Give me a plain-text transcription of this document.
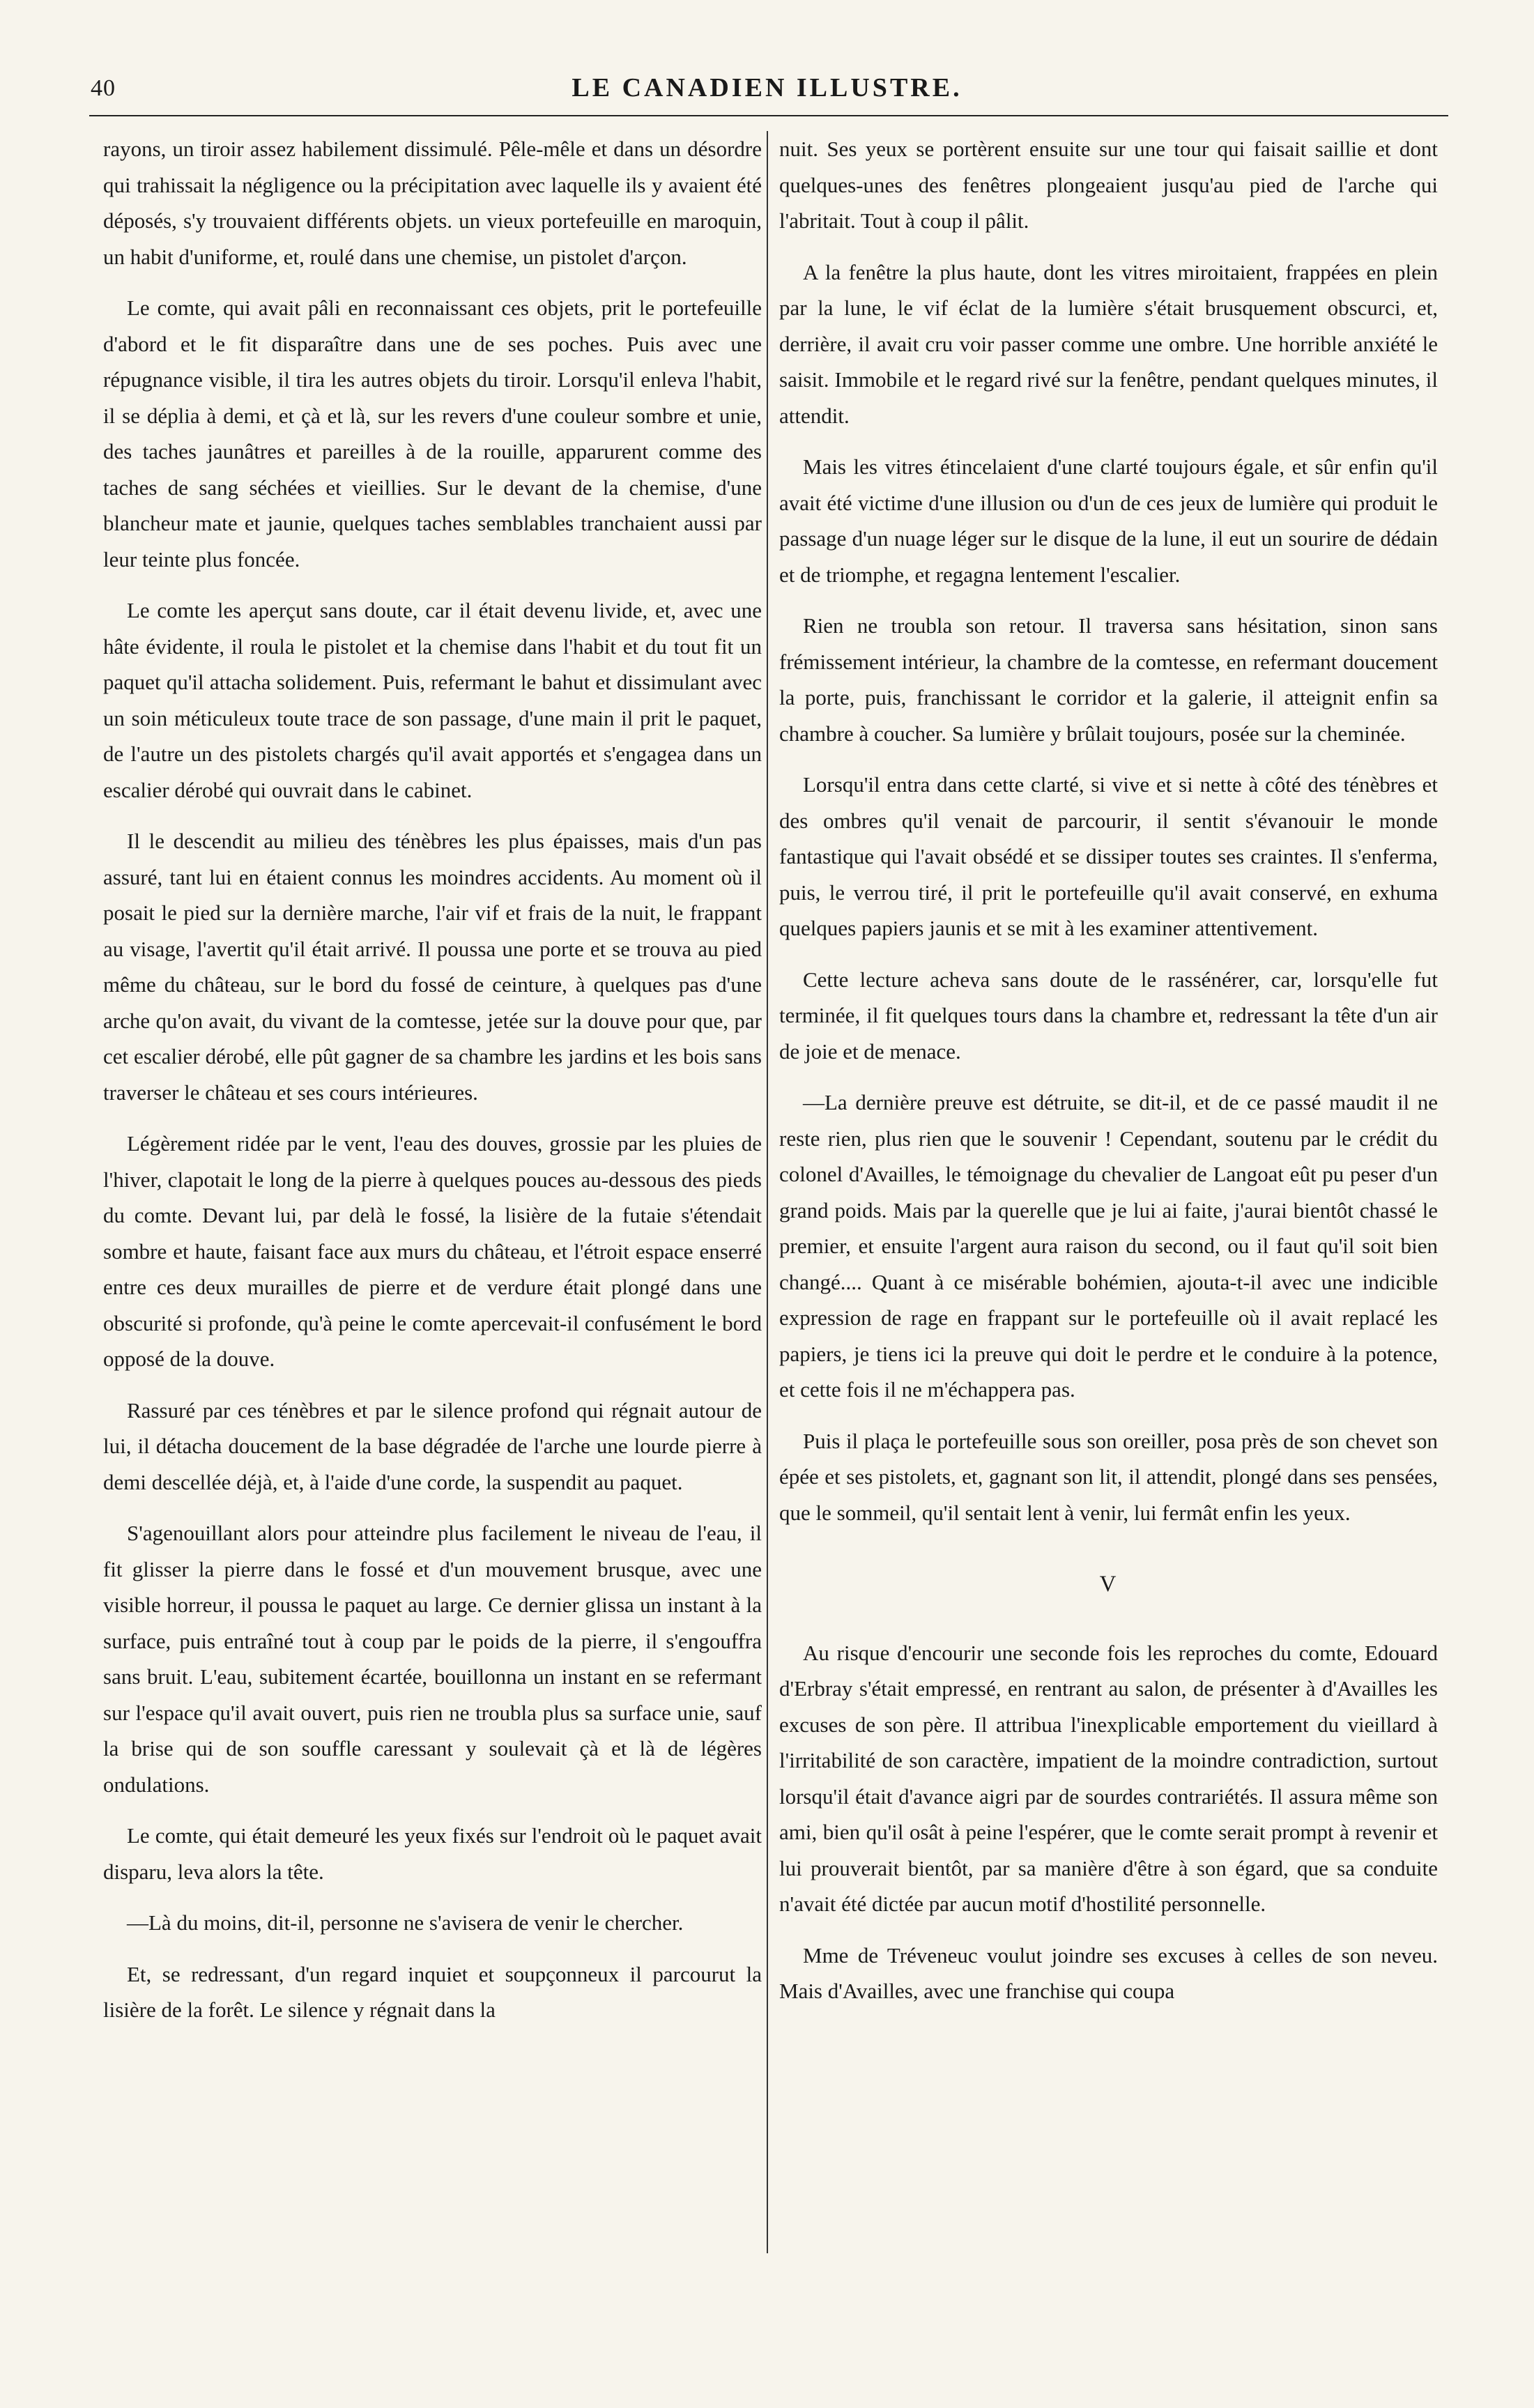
40	LE CANADIEN ILLUSTRE.

rayons, un tiroir assez habilement dissimulé. Pêle-mêle et dans un désordre qui trahissait la négligence ou la précipitation avec laquelle ils y avaient été déposés, s'y trouvaient différents objets. un vieux portefeuille en maroquin, un habit d'uniforme, et, roulé dans une chemise, un pistolet d'arçon.

Le comte, qui avait pâli en reconnaissant ces objets, prit le portefeuille d'abord et le fit disparaître dans une de ses poches. Puis avec une répugnance visible, il tira les autres objets du tiroir. Lorsqu'il enleva l'habit, il se déplia à demi, et çà et là, sur les revers d'une couleur sombre et unie, des taches jaunâtres et pareilles à de la rouille, apparurent comme des taches de sang séchées et vieillies. Sur le devant de la chemise, d'une blancheur mate et jaunie, quelques taches semblables tranchaient aussi par leur teinte plus foncée.

Le comte les aperçut sans doute, car il était devenu livide, et, avec une hâte évidente, il roula le pistolet et la chemise dans l'habit et du tout fit un paquet qu'il attacha solidement. Puis, refermant le bahut et dissimulant avec un soin méticuleux toute trace de son passage, d'une main il prit le paquet, de l'autre un des pistolets chargés qu'il avait apportés et s'engagea dans un escalier dérobé qui ouvrait dans le cabinet.

Il le descendit au milieu des ténèbres les plus épaisses, mais d'un pas assuré, tant lui en étaient connus les moindres accidents. Au moment où il posait le pied sur la dernière marche, l'air vif et frais de la nuit, le frappant au visage, l'avertit qu'il était arrivé. Il poussa une porte et se trouva au pied même du château, sur le bord du fossé de ceinture, à quelques pas d'une arche qu'on avait, du vivant de la comtesse, jetée sur la douve pour que, par cet escalier dérobé, elle pût gagner de sa chambre les jardins et les bois sans traverser le château et ses cours intérieures.

Légèrement ridée par le vent, l'eau des douves, grossie par les pluies de l'hiver, clapotait le long de la pierre à quelques pouces au-dessous des pieds du comte. Devant lui, par delà le fossé, la lisière de la futaie s'étendait sombre et haute, faisant face aux murs du château, et l'étroit espace enserré entre ces deux murailles de pierre et de verdure était plongé dans une obscurité si profonde, qu'à peine le comte apercevait-il confusément le bord opposé de la douve.

Rassuré par ces ténèbres et par le silence profond qui régnait autour de lui, il détacha doucement de la base dégradée de l'arche une lourde pierre à demi descellée déjà, et, à l'aide d'une corde, la suspendit au paquet.

S'agenouillant alors pour atteindre plus facilement le niveau de l'eau, il fit glisser la pierre dans le fossé et d'un mouvement brusque, avec une visible horreur, il poussa le paquet au large. Ce dernier glissa un instant à la surface, puis entraîné tout à coup par le poids de la pierre, il s'engouffra sans bruit. L'eau, subitement écartée, bouillonna un instant en se refermant sur l'espace qu'il avait ouvert, puis rien ne troubla plus sa surface unie, sauf la brise qui de son souffle caressant y soulevait çà et là de légères ondulations.

Le comte, qui était demeuré les yeux fixés sur l'endroit où le paquet avait disparu, leva alors la tête.

—Là du moins, dit-il, personne ne s'avisera de venir le chercher.

Et, se redressant, d'un regard inquiet et soupçonneux il parcourut la lisière de la forêt. Le silence y régnait dans la

nuit. Ses yeux se portèrent ensuite sur une tour qui faisait saillie et dont quelques-unes des fenêtres plongeaient jusqu'au pied de l'arche qui l'abritait. Tout à coup il pâlit.

A la fenêtre la plus haute, dont les vitres miroitaient, frappées en plein par la lune, le vif éclat de la lumière s'était brusquement obscurci, et, derrière, il avait cru voir passer comme une ombre. Une horrible anxiété le saisit. Immobile et le regard rivé sur la fenêtre, pendant quelques minutes, il attendit.

Mais les vitres étincelaient d'une clarté toujours égale, et sûr enfin qu'il avait été victime d'une illusion ou d'un de ces jeux de lumière qui produit le passage d'un nuage léger sur le disque de la lune, il eut un sourire de dédain et de triomphe, et regagna lentement l'escalier.

Rien ne troubla son retour. Il traversa sans hésitation, sinon sans frémissement intérieur, la chambre de la comtesse, en refermant doucement la porte, puis, franchissant le corridor et la galerie, il atteignit enfin sa chambre à coucher. Sa lumière y brûlait toujours, posée sur la cheminée.

Lorsqu'il entra dans cette clarté, si vive et si nette à côté des ténèbres et des ombres qu'il venait de parcourir, il sentit s'évanouir le monde fantastique qui l'avait obsédé et se dissiper toutes ses craintes. Il s'enferma, puis, le verrou tiré, il prit le portefeuille qu'il avait conservé, en exhuma quelques papiers jaunis et se mit à les examiner attentivement.

Cette lecture acheva sans doute de le rassénérer, car, lorsqu'elle fut terminée, il fit quelques tours dans la chambre et, redressant la tête d'un air de joie et de menace.

—La dernière preuve est détruite, se dit-il, et de ce passé maudit il ne reste rien, plus rien que le souvenir ! Cependant, soutenu par le crédit du colonel d'Availles, le témoignage du chevalier de Langoat eût pu peser d'un grand poids. Mais par la querelle que je lui ai faite, j'aurai bientôt chassé le premier, et ensuite l'argent aura raison du second, ou il faut qu'il soit bien changé.... Quant à ce misérable bohémien, ajouta-t-il avec une indicible expression de rage en frappant sur le portefeuille où il avait replacé les papiers, je tiens ici la preuve qui doit le perdre et le conduire à la potence, et cette fois il ne m'échappera pas.

Puis il plaça le portefeuille sous son oreiller, posa près de son chevet son épée et ses pistolets, et, gagnant son lit, il attendit, plongé dans ses pensées, que le sommeil, qu'il sentait lent à venir, lui fermât enfin les yeux.

V

Au risque d'encourir une seconde fois les reproches du comte, Edouard d'Erbray s'était empressé, en rentrant au salon, de présenter à d'Availles les excuses de son père. Il attribua l'inexplicable emportement du vieillard à l'irritabilité de son caractère, impatient de la moindre contradiction, surtout lorsqu'il était d'avance aigri par de sourdes contrariétés. Il assura même son ami, bien qu'il osât à peine l'espérer, que le comte serait prompt à revenir et lui prouverait bientôt, par sa manière d'être à son égard, que sa conduite n'avait été dictée par aucun motif d'hostilité personnelle.

Mme de Tréveneuc voulut joindre ses excuses à celles de son neveu. Mais d'Availles, avec une franchise qui coupa
